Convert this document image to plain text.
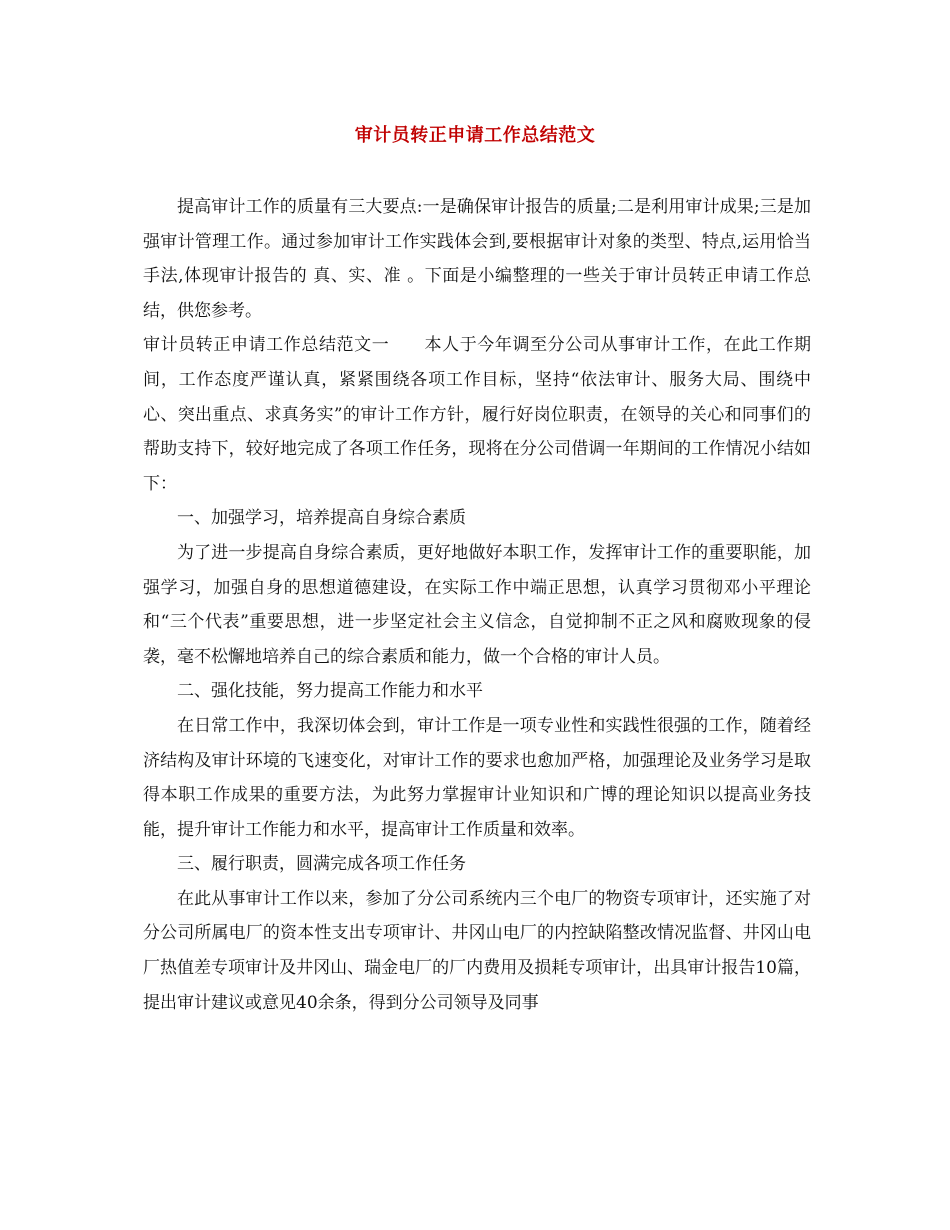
审计员转正申请工作总结范文

提高审计工作的质量有三大要点:一是确保审计报告的质量;二是利用审计成果;三是加强审计管理工作。通过参加审计工作实践体会到,要根据审计对象的类型、特点,运用恰当手法,体现审计报告的 真、实、准 。下面是小编整理的一些关于审计员转正申请工作总结，供您参考。

审计员转正申请工作总结范文一　　本人于今年调至分公司从事审计工作，在此工作期间，工作态度严谨认真，紧紧围绕各项工作目标，坚持“依法审计、服务大局、围绕中心、突出重点、求真务实”的审计工作方针，履行好岗位职责，在领导的关心和同事们的帮助支持下，较好地完成了各项工作任务，现将在分公司借调一年期间的工作情况小结如下：

一、加强学习，培养提高自身综合素质

为了进一步提高自身综合素质，更好地做好本职工作，发挥审计工作的重要职能，加强学习，加强自身的思想道德建设，在实际工作中端正思想，认真学习贯彻邓小平理论和“三个代表”重要思想，进一步坚定社会主义信念，自觉抑制不正之风和腐败现象的侵袭，毫不松懈地培养自己的综合素质和能力，做一个合格的审计人员。

二、强化技能，努力提高工作能力和水平

在日常工作中，我深切体会到，审计工作是一项专业性和实践性很强的工作，随着经济结构及审计环境的飞速变化，对审计工作的要求也愈加严格，加强理论及业务学习是取得本职工作成果的重要方法，为此努力掌握审计业知识和广博的理论知识以提高业务技能，提升审计工作能力和水平，提高审计工作质量和效率。

三、履行职责，圆满完成各项工作任务

在此从事审计工作以来，参加了分公司系统内三个电厂的物资专项审计，还实施了对分公司所属电厂的资本性支出专项审计、井冈山电厂的内控缺陷整改情况监督、井冈山电厂热值差专项审计及井冈山、瑞金电厂的厂内费用及损耗专项审计，出具审计报告10篇，提出审计建议或意见40余条，得到分公司领导及同事
